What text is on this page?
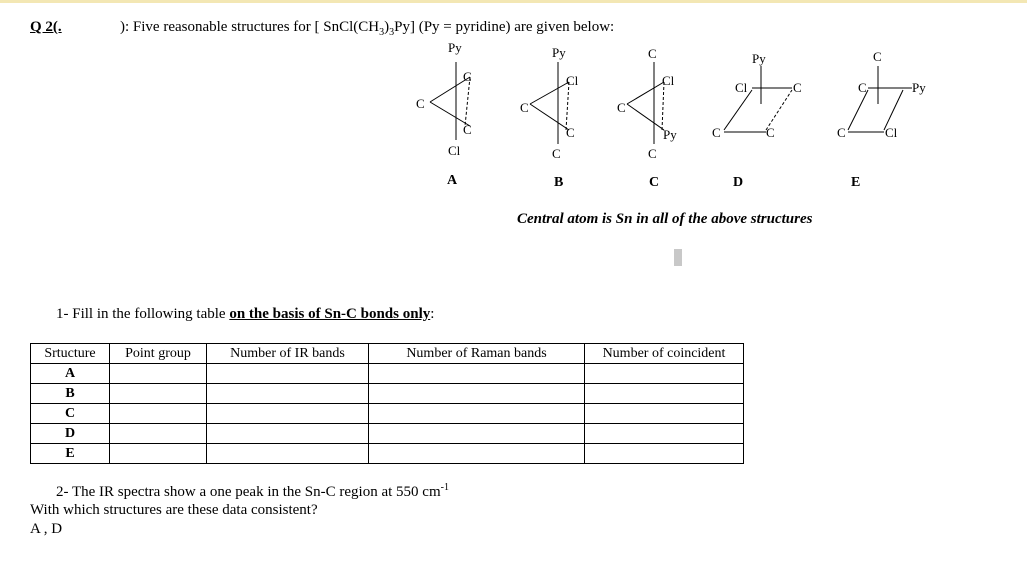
Q 2(.	): Five reasonable structures for [ $SnCl(CH_3)_3Py$] (Py = pyridine) are given below:
Py
C
C
C
Cl
A
Py
Cl
C
C
C
B
C
Cl
C
Py
C
C
Py
Cl	C
C	C
D
C
C	Py
C	Cl
E
Central atom is Sn in all of the above structures
1- Fill in the following table on the basis of Sn-C bonds only:
Srtucture	Point group	Number of IR bands	Number of Raman bands	Number of coincident
A				
B				
C				
D				
E				
2- The IR spectra show a one peak in the Sn-C region at 550 $cm^{-1}$
With which structures are these data consistent?
A , D
